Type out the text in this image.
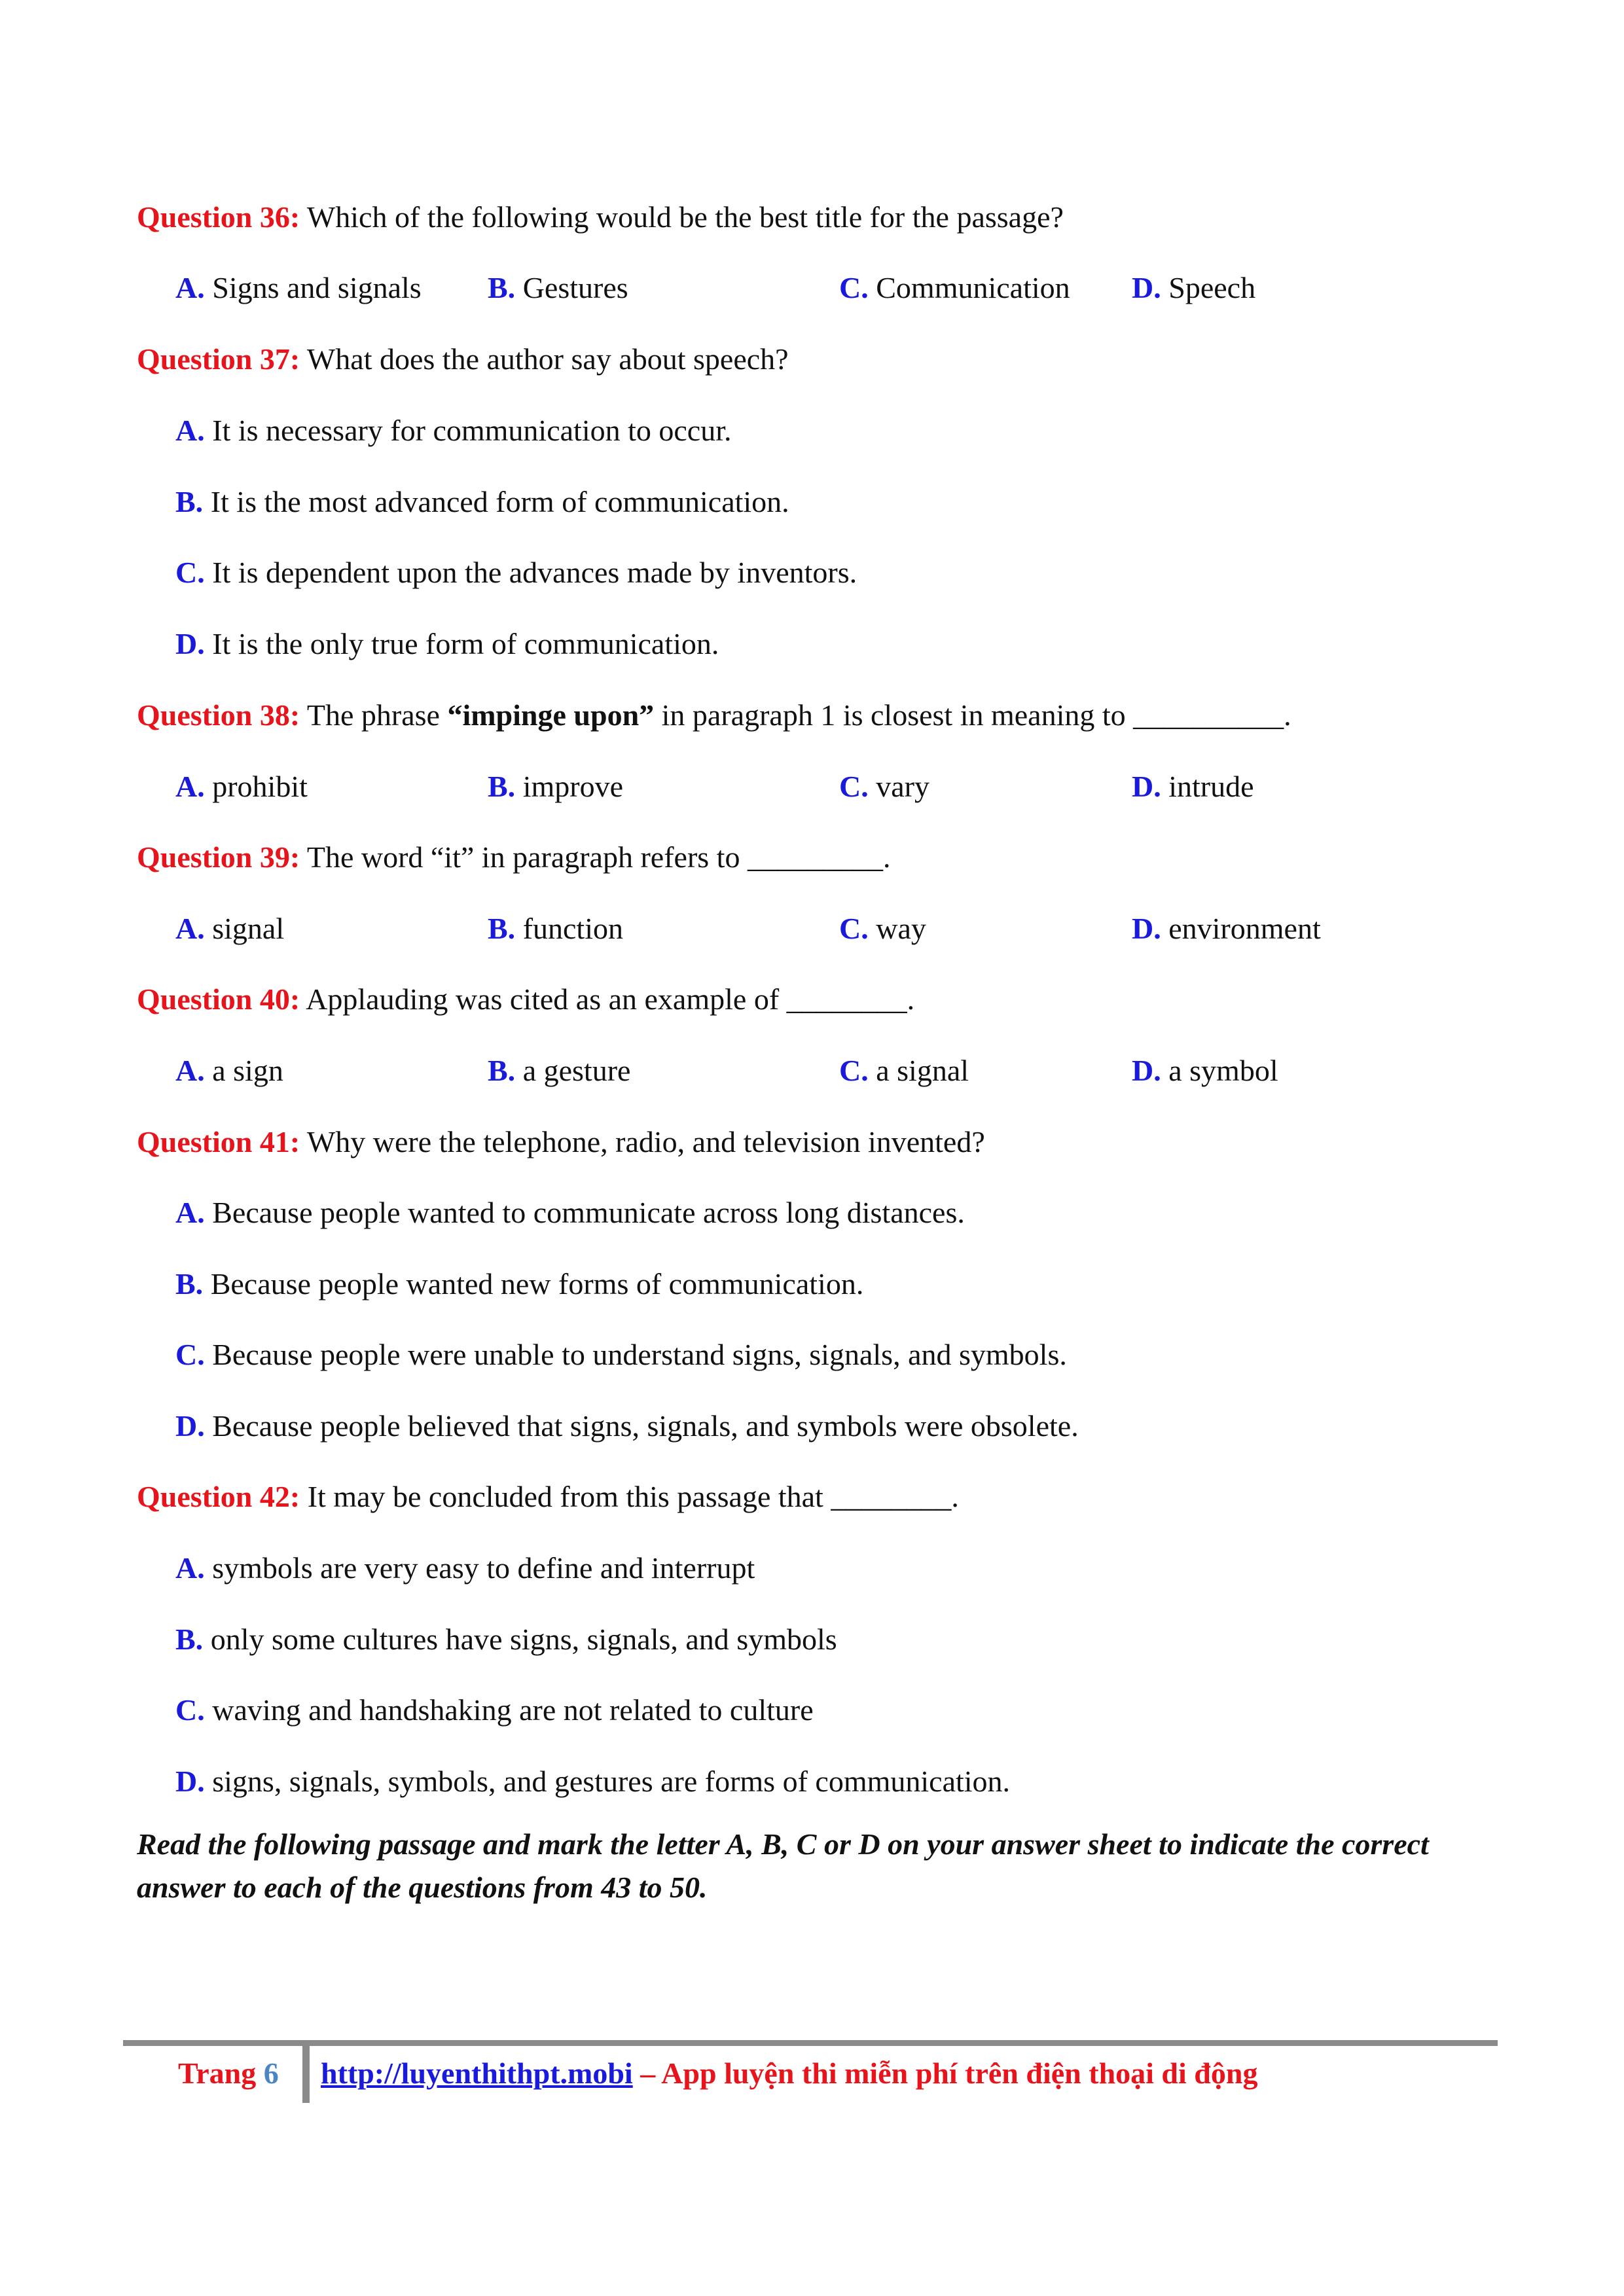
Question 36: Which of the following would be the best title for the passage?
A. Signs and signals B. Gestures	C. Communication D. Speech
Question 37: What does the author say about speech?
A. It is necessary for communication to occur.
B. It is the most advanced form of communication.
C. It is dependent upon the advances made by inventors.
D. It is the only true form of communication.
Question 38: The phrase “impinge upon” in paragraph 1 is closest in meaning to __________.
A. prohibit	B. improve	C. vary	D. intrude
Question 39: The word “it” in paragraph refers to _________.
A. signal	B. function	C. way	D. environment
Question 40: Applauding was cited as an example of ________.
A. a sign	B. a gesture	C. a signal	D. a symbol
Question 41: Why were the telephone, radio, and television invented?
A. Because people wanted to communicate across long distances.
B. Because people wanted new forms of communication.
C. Because people were unable to understand signs, signals, and symbols.
D. Because people believed that signs, signals, and symbols were obsolete.
Question 42: It may be concluded from this passage that ________.
A. symbols are very easy to define and interrupt
B. only some cultures have signs, signals, and symbols
C. waving and handshaking are not related to culture
D. signs, signals, symbols, and gestures are forms of communication.
Read the following passage and mark the letter A, B, C or D on your answer sheet to indicate the correct answer to each of the questions from 43 to 50.
Trang 6 http://luyenthithpt.mobi – App luyện thi miễn phí trên điện thoại di động
